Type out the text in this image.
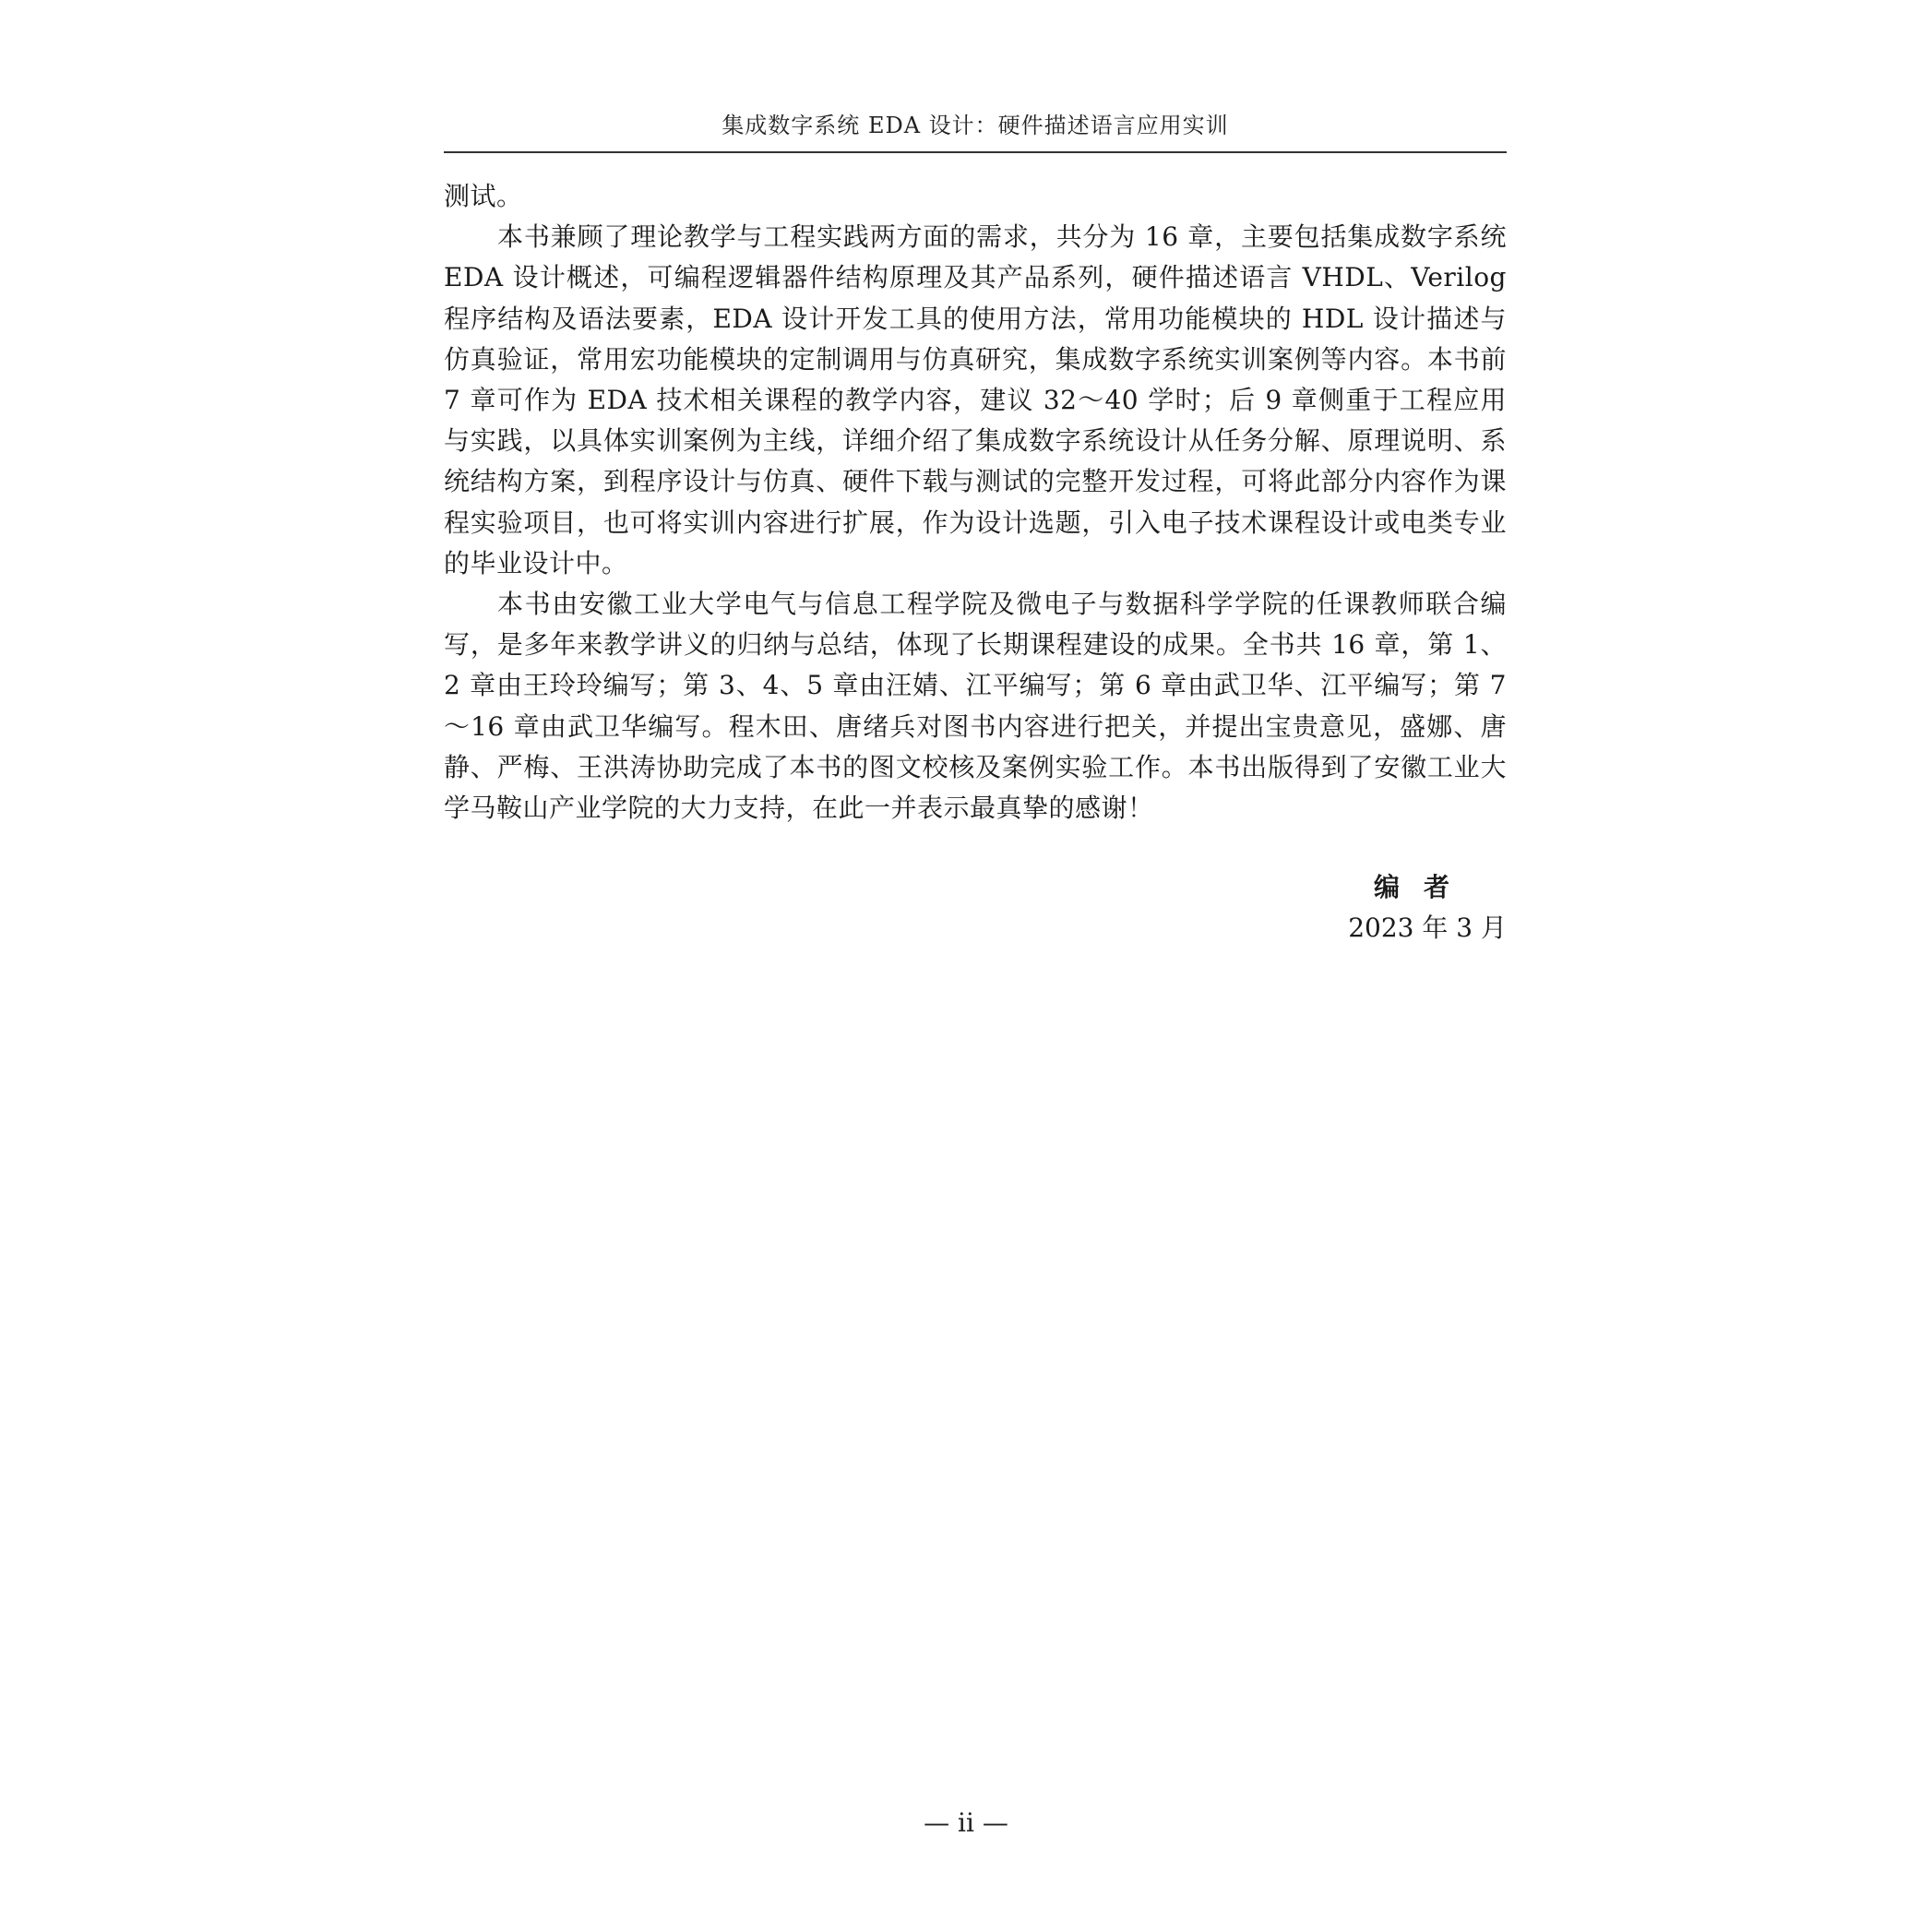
集成数字系统 EDA 设计：硬件描述语言应用实训

测试。

本书兼顾了理论教学与工程实践两方面的需求，共分为 16 章，主要包括集成数字系统 EDA 设计概述，可编程逻辑器件结构原理及其产品系列，硬件描述语言 VHDL、Verilog 程序结构及语法要素，EDA 设计开发工具的使用方法，常用功能模块的 HDL 设计描述与仿真验证，常用宏功能模块的定制调用与仿真研究，集成数字系统实训案例等内容。本书前 7 章可作为 EDA 技术相关课程的教学内容，建议 32～40 学时；后 9 章侧重于工程应用与实践，以具体实训案例为主线，详细介绍了集成数字系统设计从任务分解、原理说明、系统结构方案，到程序设计与仿真、硬件下载与测试的完整开发过程，可将此部分内容作为课程实验项目，也可将实训内容进行扩展，作为设计选题，引入电子技术课程设计或电类专业的毕业设计中。

本书由安徽工业大学电气与信息工程学院及微电子与数据科学学院的任课教师联合编写，是多年来教学讲义的归纳与总结，体现了长期课程建设的成果。全书共 16 章，第 1、2 章由王玲玲编写；第 3、4、5 章由汪婧、江平编写；第 6 章由武卫华、江平编写；第 7～16 章由武卫华编写。程木田、唐绪兵对图书内容进行把关，并提出宝贵意见，盛娜、唐静、严梅、王洪涛协助完成了本书的图文校核及案例实验工作。本书出版得到了安徽工业大学马鞍山产业学院的大力支持，在此一并表示最真挚的感谢！

编者
2023 年 3 月
— ii —
